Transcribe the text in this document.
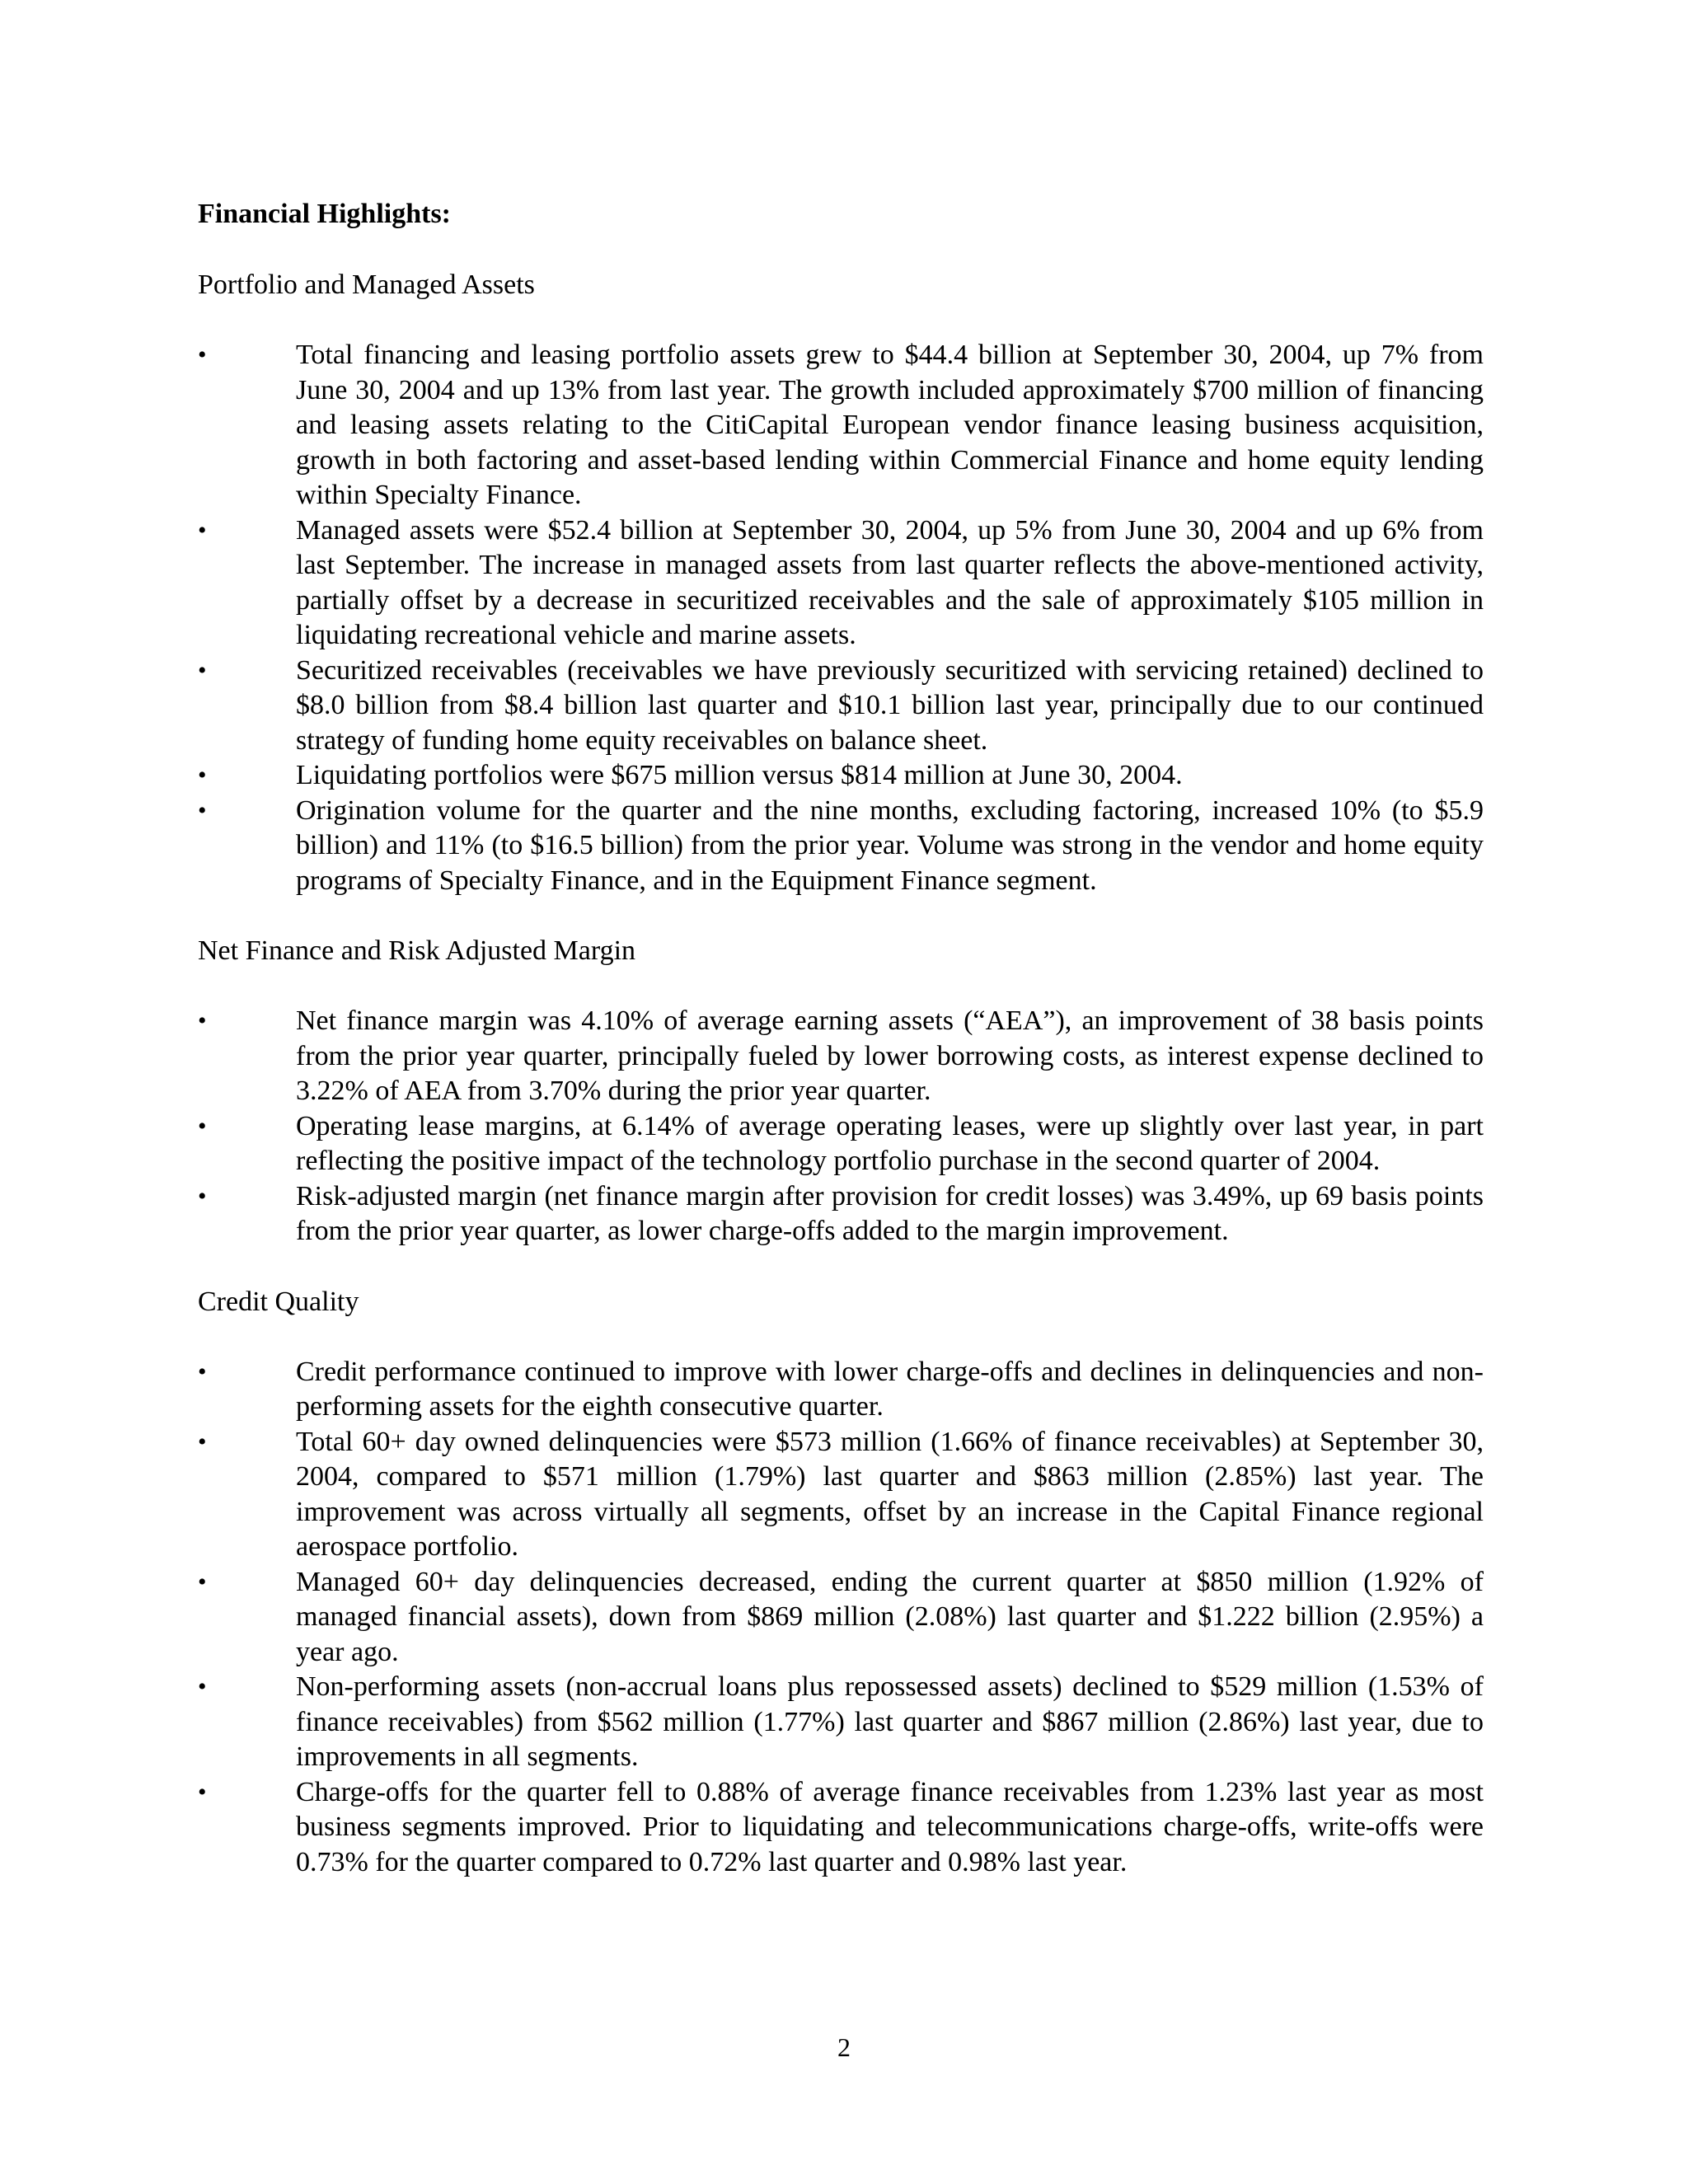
Financial Highlights:
Portfolio and Managed Assets
•	Total financing and leasing portfolio assets grew to $44.4 billion at September 30, 2004, up 7% from June 30, 2004 and up 13% from last year. The growth included approximately $700 million of financing and leasing assets relating to the CitiCapital European vendor finance leasing business acquisition, growth in both factoring and asset-based lending within Commercial Finance and home equity lending within Specialty Finance.
•	Managed assets were $52.4 billion at September 30, 2004, up 5% from June 30, 2004 and up 6% from last September. The increase in managed assets from last quarter reflects the above-mentioned activity, partially offset by a decrease in securitized receivables and the sale of approximately $105 million in liquidating recreational vehicle and marine assets.
•	Securitized receivables (receivables we have previously securitized with servicing retained) declined to $8.0 billion from $8.4 billion last quarter and $10.1 billion last year, principally due to our continued strategy of funding home equity receivables on balance sheet.
•	Liquidating portfolios were $675 million versus $814 million at June 30, 2004.
•	Origination volume for the quarter and the nine months, excluding factoring, increased 10% (to $5.9 billion) and 11% (to $16.5 billion) from the prior year. Volume was strong in the vendor and home equity programs of Specialty Finance, and in the Equipment Finance segment.
Net Finance and Risk Adjusted Margin
•	Net finance margin was 4.10% of average earning assets (“AEA”), an improvement of 38 basis points from the prior year quarter, principally fueled by lower borrowing costs, as interest expense declined to 3.22% of AEA from 3.70% during the prior year quarter.
•	Operating lease margins, at 6.14% of average operating leases, were up slightly over last year, in part reflecting the positive impact of the technology portfolio purchase in the second quarter of 2004.
•	Risk-adjusted margin (net finance margin after provision for credit losses) was 3.49%, up 69 basis points from the prior year quarter, as lower charge-offs added to the margin improvement.
Credit Quality
•	Credit performance continued to improve with lower charge-offs and declines in delinquencies and non-performing assets for the eighth consecutive quarter.
•	Total 60+ day owned delinquencies were $573 million (1.66% of finance receivables) at September 30, 2004, compared to $571 million (1.79%) last quarter and $863 million (2.85%) last year. The improvement was across virtually all segments, offset by an increase in the Capital Finance regional aerospace portfolio.
•	Managed 60+ day delinquencies decreased, ending the current quarter at $850 million (1.92% of managed financial assets), down from $869 million (2.08%) last quarter and $1.222 billion (2.95%) a year ago.
•	Non-performing assets (non-accrual loans plus repossessed assets) declined to $529 million (1.53% of finance receivables) from $562 million (1.77%) last quarter and $867 million (2.86%) last year, due to improvements in all segments.
•	Charge-offs for the quarter fell to 0.88% of average finance receivables from 1.23% last year as most business segments improved. Prior to liquidating and telecommunications charge-offs, write-offs were 0.73% for the quarter compared to 0.72% last quarter and 0.98% last year.
2
